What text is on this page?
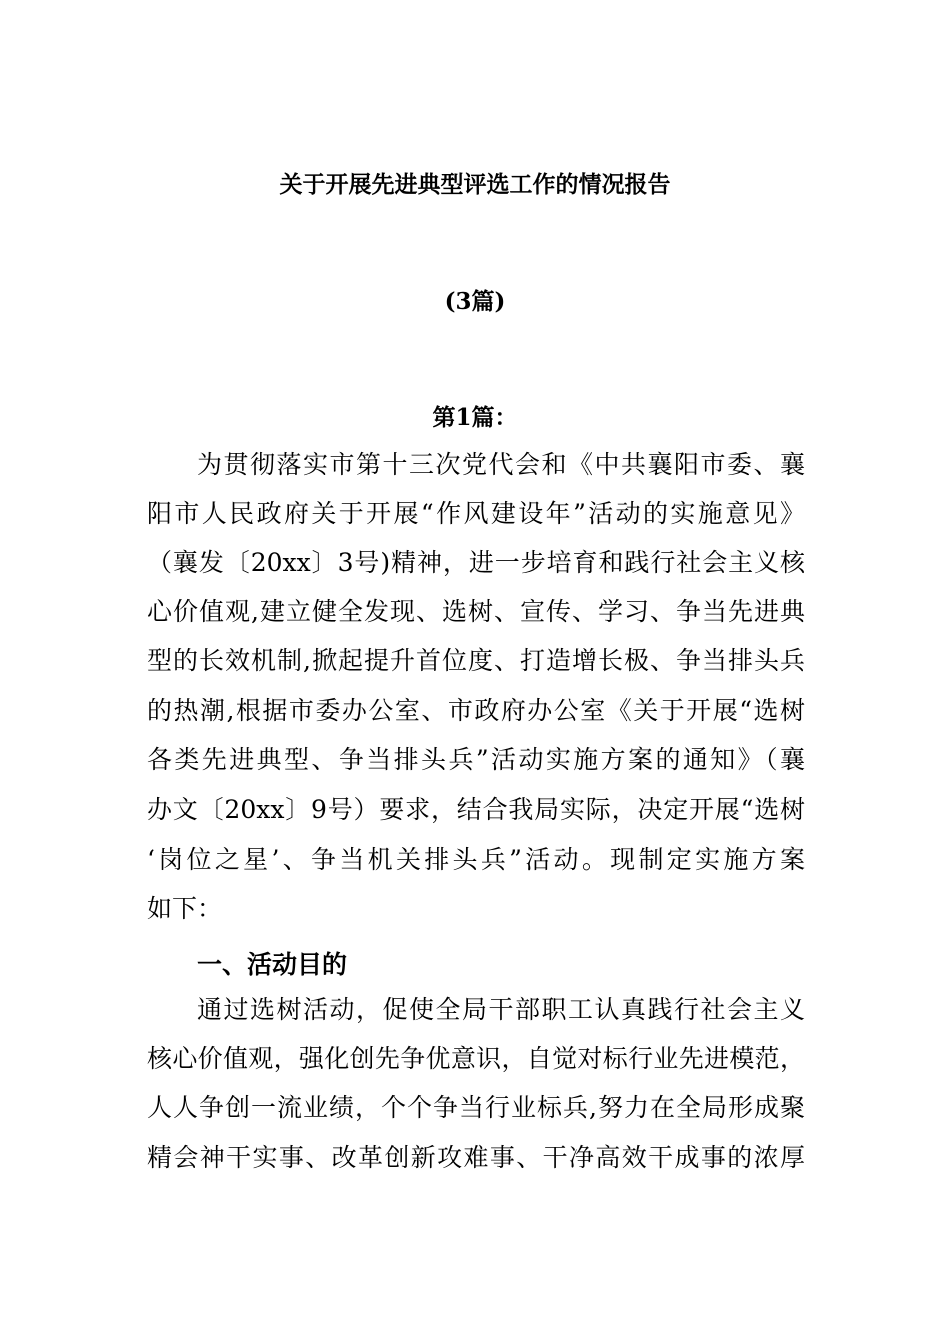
关于开展先进典型评选工作的情况报告
(3篇)
第1篇：
为贯彻落实市第十三次党代会和《中共襄阳市委、襄
阳市人民政府关于开展“作风建设年”活动的实施意见》
（襄发〔20xx〕3号)精神，进一步培育和践行社会主义核
心价值观,建立健全发现、选树、宣传、学习、争当先进典
型的长效机制,掀起提升首位度、打造增长极、争当排头兵
的热潮,根据市委办公室、市政府办公室《关于开展“选树
各类先进典型、争当排头兵”活动实施方案的通知》（襄
办文〔20xx〕9号）要求，结合我局实际，决定开展“选树
‘岗位之星’、争当机关排头兵”活动。现制定实施方案
如下：
一、活动目的
通过选树活动，促使全局干部职工认真践行社会主义
核心价值观，强化创先争优意识，自觉对标行业先进模范，
人人争创一流业绩，个个争当行业标兵,努力在全局形成聚
精会神干实事、改革创新攻难事、干净高效干成事的浓厚
